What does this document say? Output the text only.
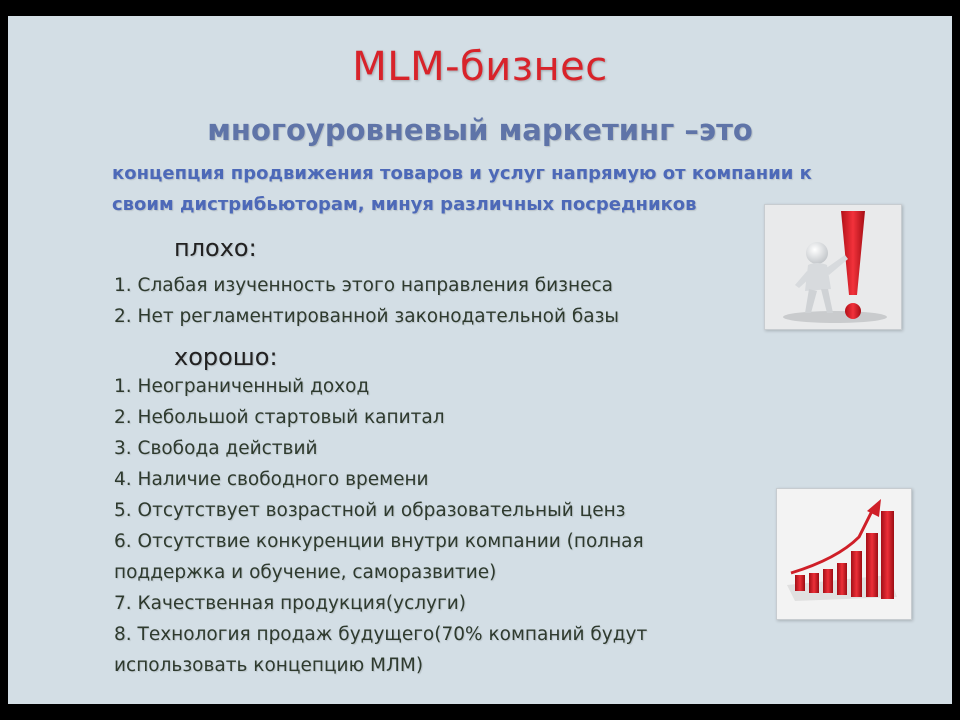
MLM-бизнес
многоуровневый маркетинг –это
концепция продвижения товаров и услуг напрямую от компании к своим дистрибьюторам, минуя различных посредников
плохо:
1. Слабая изученность этого направления бизнеса
2. Нет регламентированной законодательной базы
хорошо:
1. Неограниченный доход
2. Небольшой стартовый капитал
3. Свобода действий
4. Наличие свободного времени
5. Отсутствует возрастной и образовательный ценз
6. Отсутствие конкуренции внутри компании (полная поддержка и обучение, саморазвитие)
7. Качественная продукция(услуги)
8. Технология продаж будущего(70% компаний будут использовать концепцию МЛМ)
